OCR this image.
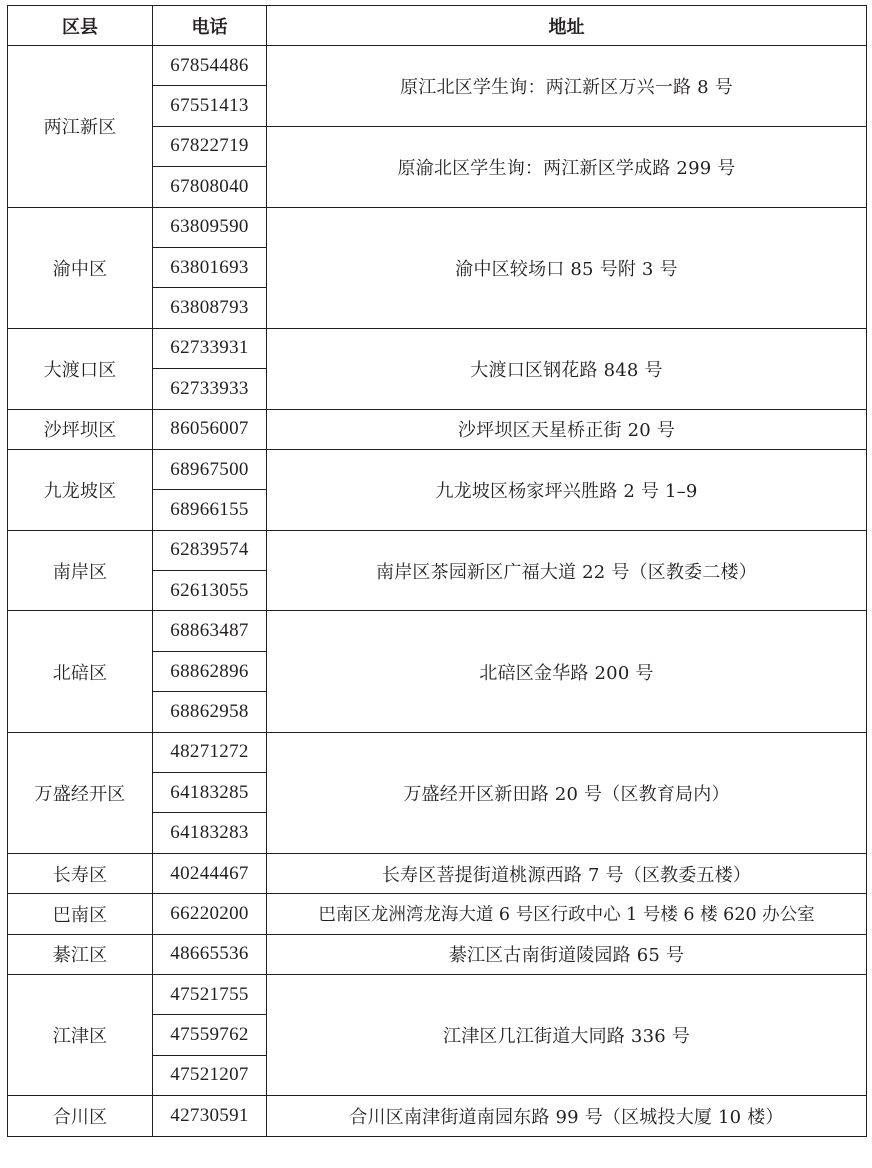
区县	电话	地址
两江新区	67854486	原江北区学生询：两江新区万兴一路 8 号
	67551413	
	67822719	原渝北区学生询：两江新区学成路 299 号
	67808040	
渝中区	63809590	渝中区较场口 85 号附 3 号
	63801693	
	63808793	
大渡口区	62733931	大渡口区钢花路 848 号
	62733933	
沙坪坝区	86056007	沙坪坝区天星桥正街 20 号
九龙坡区	68967500	九龙坡区杨家坪兴胜路 2 号 1–9
	68966155	
南岸区	62839574	南岸区茶园新区广福大道 22 号（区教委二楼）
	62613055	
北碚区	68863487	北碚区金华路 200 号
	68862896	
	68862958	
万盛经开区	48271272	万盛经开区新田路 20 号（区教育局内）
	64183285	
	64183283	
长寿区	40244467	长寿区菩提街道桃源西路 7 号（区教委五楼）
巴南区	66220200	巴南区龙洲湾龙海大道 6 号区行政中心 1 号楼 6 楼 620 办公室
綦江区	48665536	綦江区古南街道陵园路 65 号
江津区	47521755	江津区几江街道大同路 336 号
	47559762	
	47521207	
合川区	42730591	合川区南津街道南园东路 99 号（区城投大厦 10 楼）
